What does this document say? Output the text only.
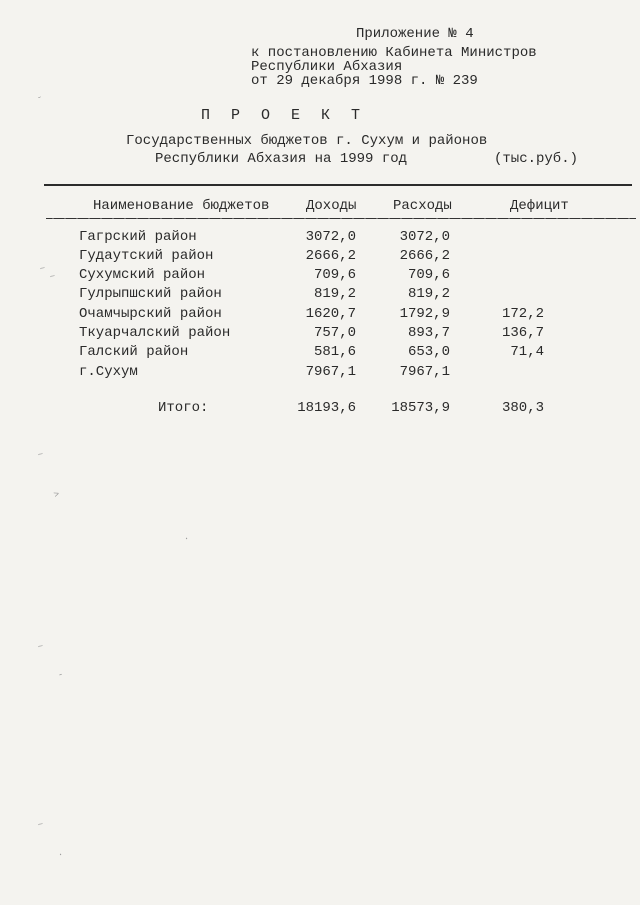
Приложение № 4
к постановлению Кабинета Министров
Республики Абхазия
от 29 декабря 1998 г. № 239
П Р О Е К Т
Государственных бюджетов г. Сухум и районов
Республики Абхазия на 1999 год	(тыс.руб.)
Наименование бюджетов	Доходы	Расходы	Дефицит
Гагрский район	3072,0	3072,0
Гудаутский район	2666,2	2666,2
Сухумский район	709,6	709,6
Гулрыпшский район	819,2	819,2
Очамчырский район	1620,7	1792,9	172,2
Ткуарчалский район	757,0	893,7	136,7
Галский район	581,6	653,0	71,4
г.Сухум	7967,1	7967,1
Итого:	18193,6	18573,9	380,3
˘
~
~
~
˃
·
~
-
~
·
